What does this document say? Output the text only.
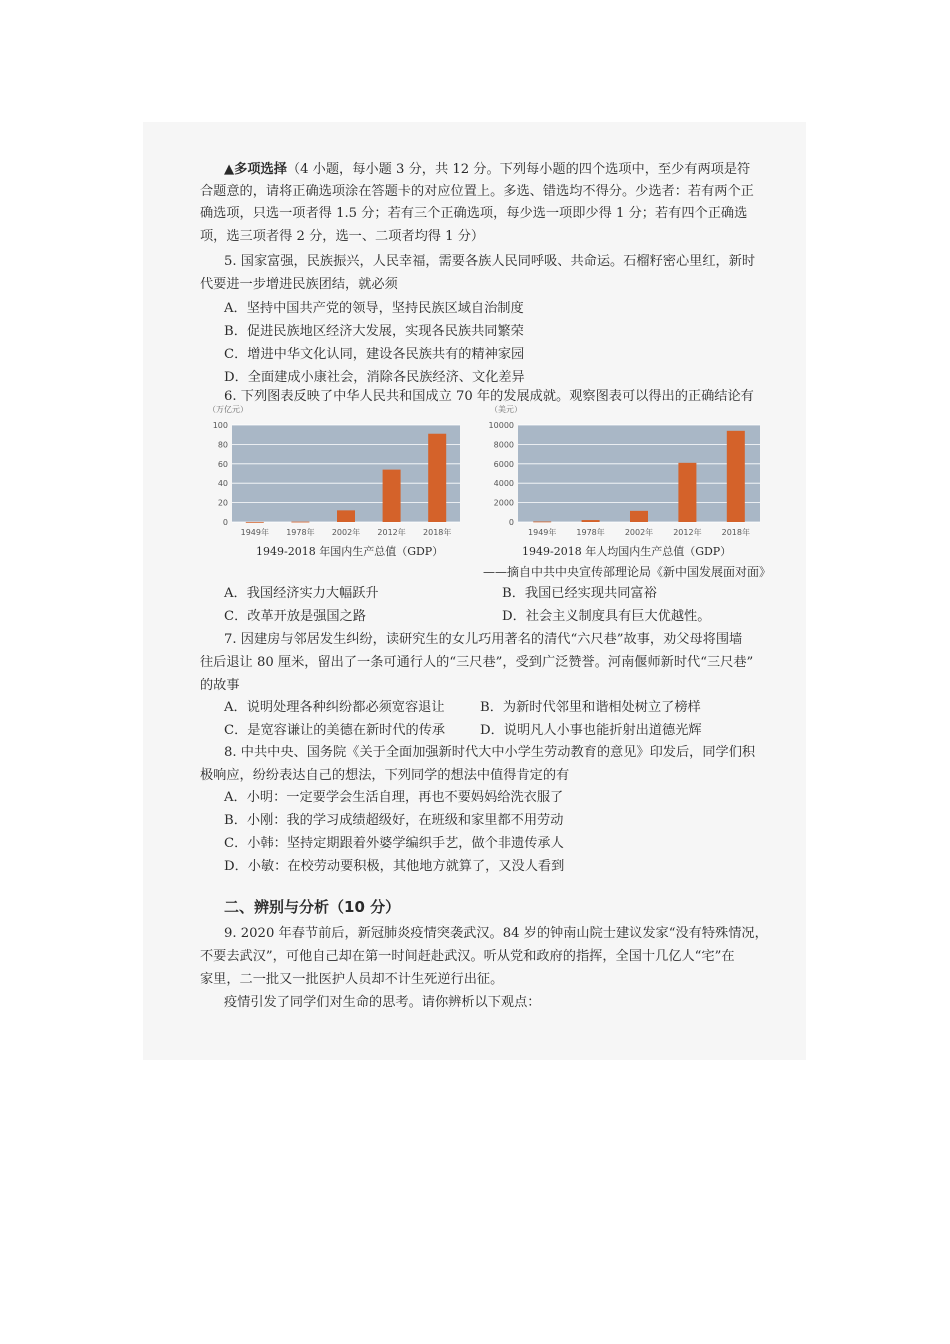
▲多项选择（4 小题，每小题 3 分，共 12 分。下列每小题的四个选项中，至少有两项是符
合题意的，请将正确选项涂在答题卡的对应位置上。多选、错选均不得分。少选者：若有两个正
确选项，只选一项者得 1.5 分；若有三个正确选项，每少选一项即少得 1 分；若有四个正确选
项，选三项者得 2 分，选一、二项者均得 1 分）
5. 国家富强，民族振兴，人民幸福，需要各族人民同呼吸、共命运。石榴籽密心里红，新时
代要进一步增进民族团结，就必须
A．坚持中国共产党的领导，坚持民族区域自治制度
B．促进民族地区经济大发展，实现各民族共同繁荣
C．增进中华文化认同，建设各民族共有的精神家园
D．全面建成小康社会，消除各民族经济、文化差异
6. 下列图表反映了中华人民共和国成立 70 年的发展成就。观察图表可以得出的正确结论有
（万亿元）
0
20
40
60
80
100
1949年 1978年 2002年 2012年 2018年
1949-2018 年国内生产总值（GDP）
（美元）
0
2000
4000
6000
8000
10000
1949年	1978年	2002年	2012年	2018年
1949-2018 年人均国内生产总值（GDP）
——摘自中共中央宣传部理论局《新中国发展面对面》
A．我国经济实力大幅跃升	B．我国已经实现共同富裕
C．改革开放是强国之路	D．社会主义制度具有巨大优越性。
7. 因建房与邻居发生纠纷，读研究生的女儿巧用著名的清代“六尺巷”故事，劝父母将围墙
往后退让 80 厘米，留出了一条可通行人的“三尺巷”，受到广泛赞誉。河南偃师新时代“三尺巷”
的故事
A．说明处理各种纠纷都必须宽容退让	B．为新时代邻里和谐相处树立了榜样
C．是宽容谦让的美德在新时代的传承	D．说明凡人小事也能折射出道德光辉
8. 中共中央、国务院《关于全面加强新时代大中小学生劳动教育的意见》印发后，同学们积
极响应，纷纷表达自己的想法，下列同学的想法中值得肯定的有
A．小明：一定要学会生活自理，再也不要妈妈给洗衣服了
B．小刚：我的学习成绩超级好，在班级和家里都不用劳动
C．小韩：坚持定期跟着外婆学编织手艺，做个非遗传承人
D．小敏：在校劳动要积极，其他地方就算了，又没人看到
二、辨别与分析（10 分）
9. 2020 年春节前后，新冠肺炎疫情突袭武汉。84 岁的钟南山院士建议发家“没有特殊情况，
不要去武汉”，可他自己却在第一时间赶赴武汉。听从党和政府的指挥，全国十几亿人“宅”在
家里，二一批又一批医护人员却不计生死逆行出征。
疫情引发了同学们对生命的思考。请你辨析以下观点：
